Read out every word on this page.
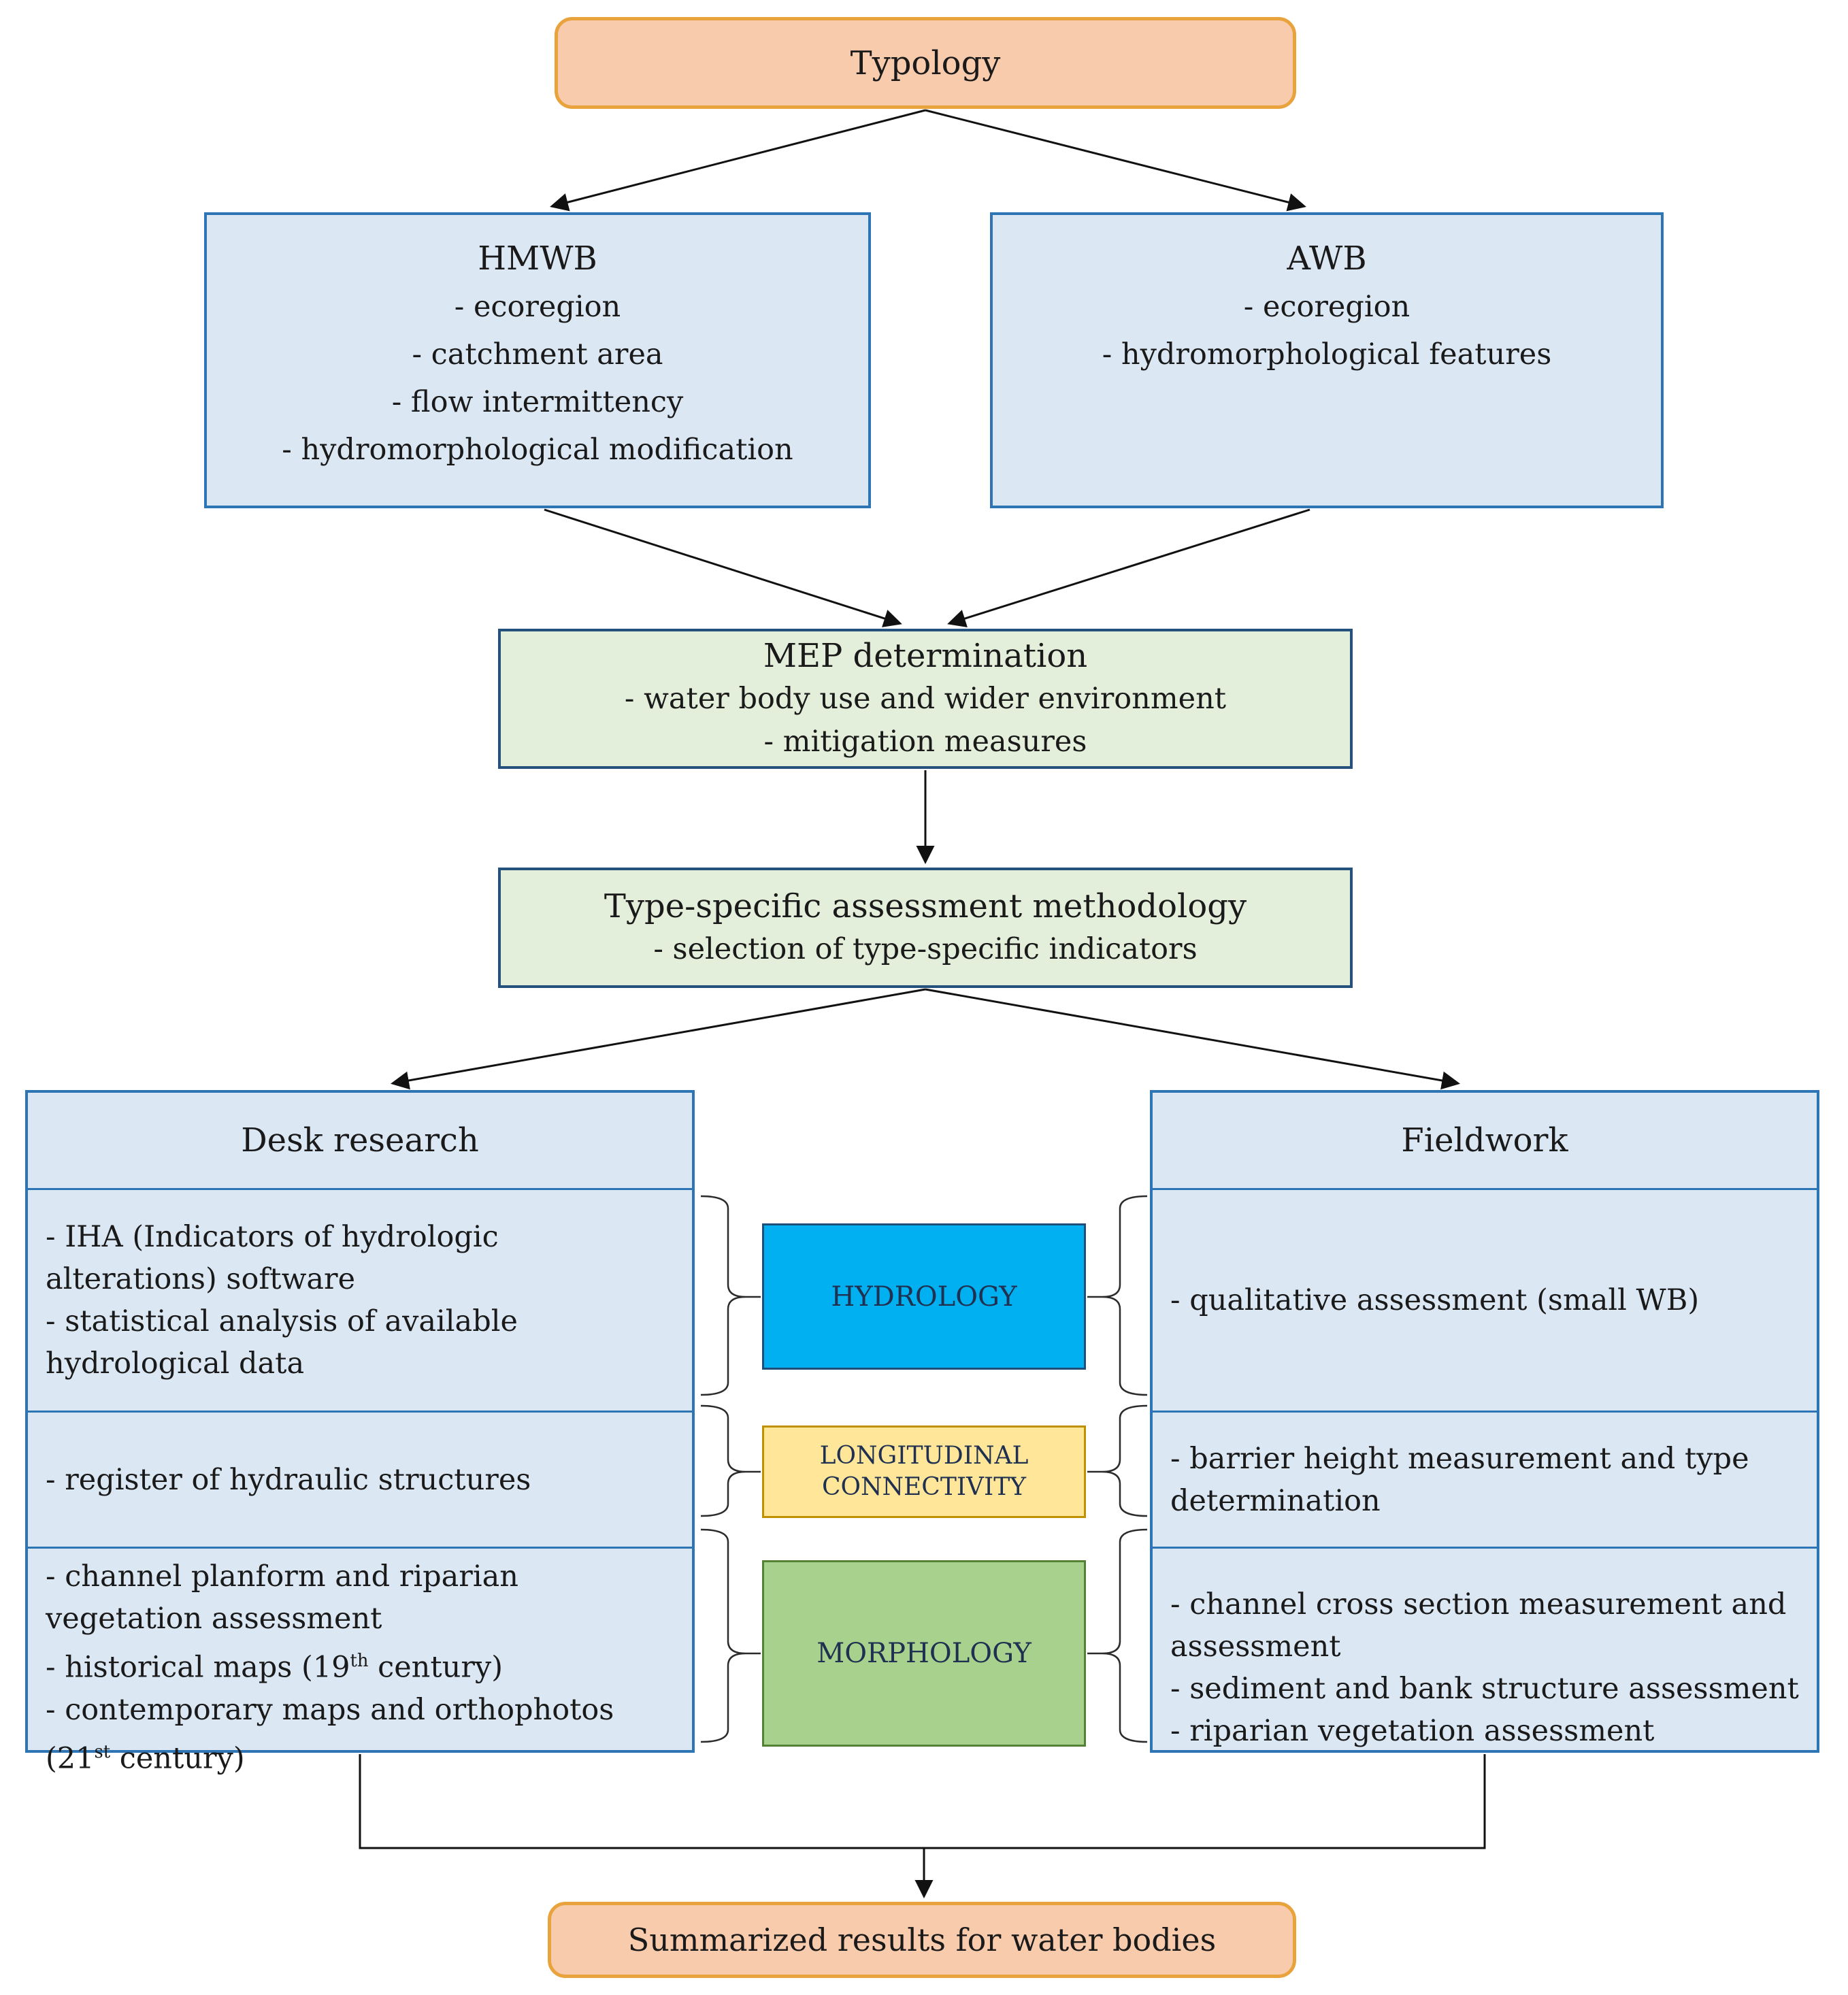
Typology
HMWB
- ecoregion
- catchment area
- flow intermittency
- hydromorphological modification
AWB
- ecoregion
- hydromorphological features
MEP determination
- water body use and wider environment
- mitigation measures
Type-specific assessment methodology
- selection of type-specific indicators
Desk research
- IHA (Indicators of hydrologic alterations) software
- statistical analysis of available hydrological data
- register of hydraulic structures
- channel planform and riparian vegetation assessment
- historical maps (19th century)
- contemporary maps and orthophotos (21st century)
HYDROLOGY
LONGITUDINAL CONNECTIVITY
MORPHOLOGY
Fieldwork
- qualitative assessment (small WB)
- barrier height measurement and type determination
- channel cross section measurement and assessment
- sediment and bank structure assessment
- riparian vegetation assessment
Summarized results for water bodies
